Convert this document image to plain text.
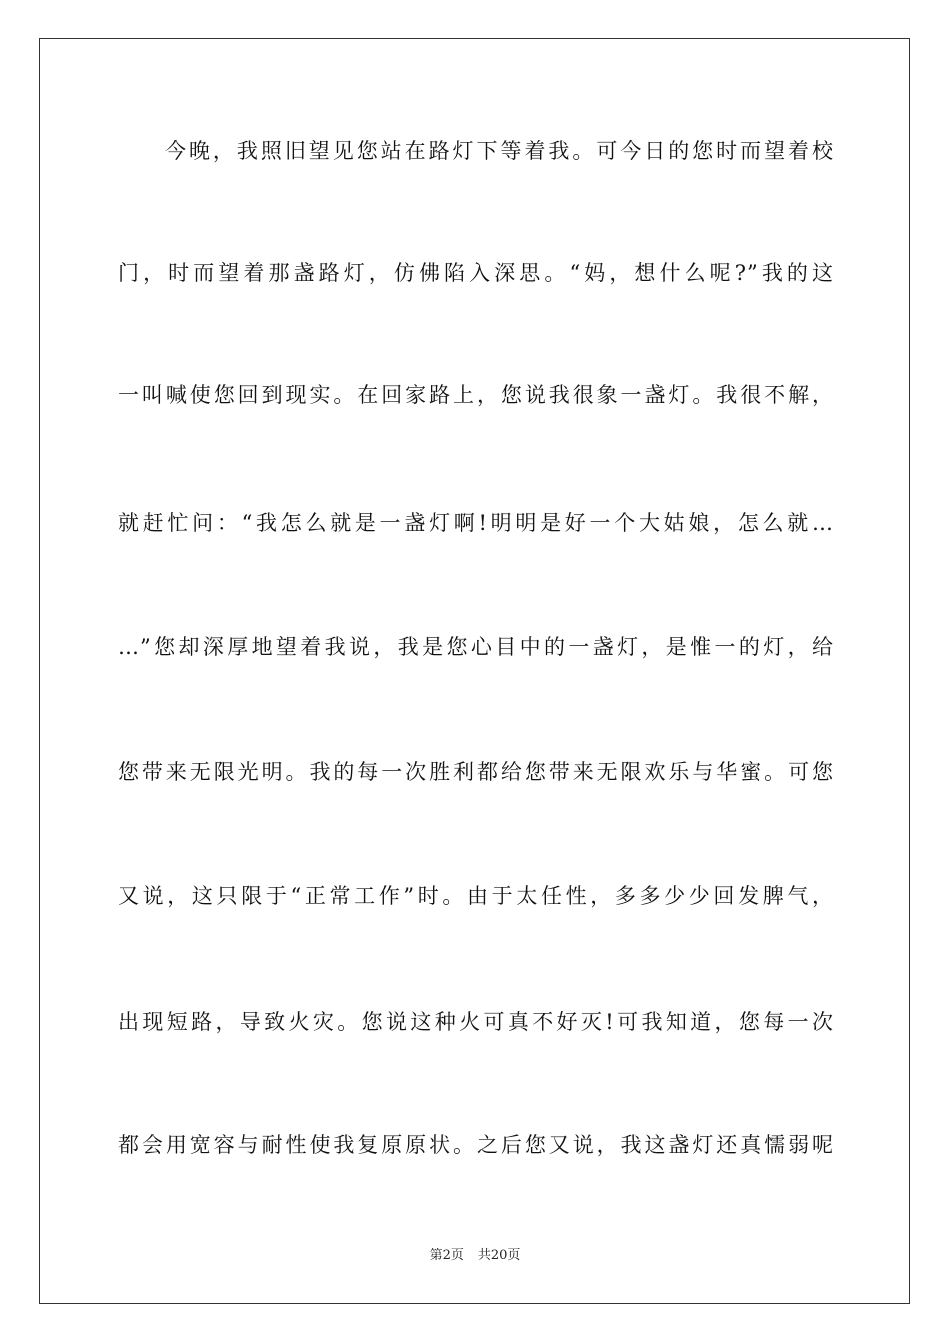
今晚，我照旧望见您站在路灯下等着我。可今日的您时而望着校
门，时而望着那盏路灯，仿佛陷入深思。“妈，想什么呢?”我的这
一叫喊使您回到现实。在回家路上，您说我很象一盏灯。我很不解，
就赶忙问：“我怎么就是一盏灯啊!明明是好一个大姑娘，怎么就…
…”您却深厚地望着我说，我是您心目中的一盏灯，是惟一的灯，给
您带来无限光明。我的每一次胜利都给您带来无限欢乐与华蜜。可您
又说，这只限于“正常工作”时。由于太任性，多多少少回发脾气，
出现短路，导致火灾。您说这种火可真不好灭!可我知道，您每一次
都会用宽容与耐性使我复原原状。之后您又说，我这盏灯还真懦弱呢
第2页 共20页
